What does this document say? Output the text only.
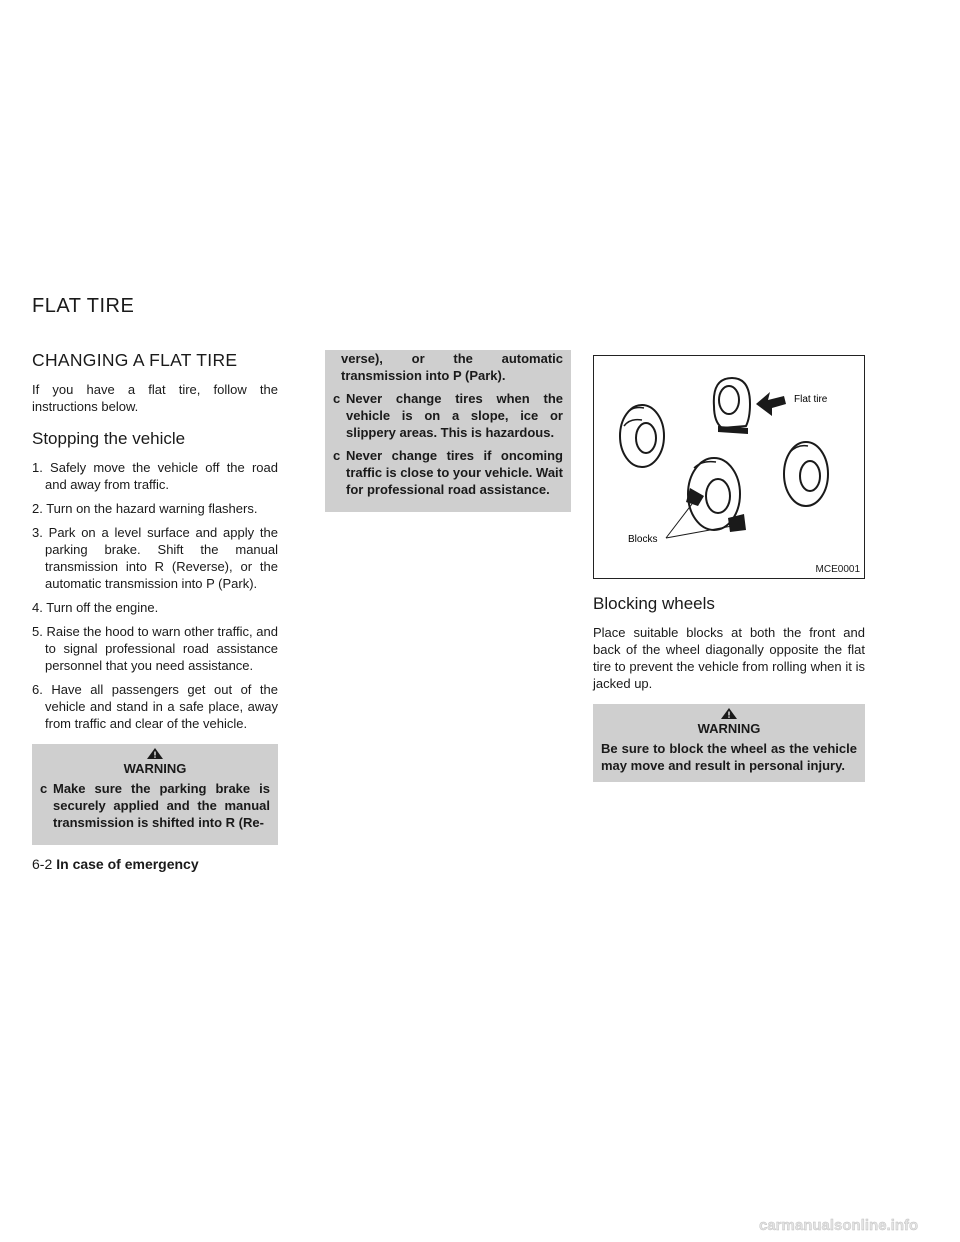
FLAT TIRE
CHANGING A FLAT TIRE

If you have a flat tire, follow the instructions below.

Stopping the vehicle
1. Safely move the vehicle off the road and away from traffic.
2. Turn on the hazard warning flashers.
3. Park on a level surface and apply the parking brake. Shift the manual transmission into R (Reverse), or the automatic transmission into P (Park).
4. Turn off the engine.
5. Raise the hood to warn other traffic, and to signal professional road assistance personnel that you need assistance.
6. Have all passengers get out of the vehicle and stand in a safe place, away from traffic and clear of the vehicle.
WARNING
c Make sure the parking brake is securely applied and the manual transmission is shifted into R (Re-
verse), or the automatic transmission into P (Park).
c Never change tires when the vehicle is on a slope, ice or slippery areas. This is hazardous.
c Never change tires if oncoming traffic is close to your vehicle. Wait for professional road assistance.
Flat tire
Blocks
MCE0001
Blocking wheels

Place suitable blocks at both the front and back of the wheel diagonally opposite the flat tire to prevent the vehicle from rolling when it is jacked up.

WARNING
Be sure to block the wheel as the vehicle may move and result in personal injury.
6-2 In case of emergency
carmanualsonline.info
